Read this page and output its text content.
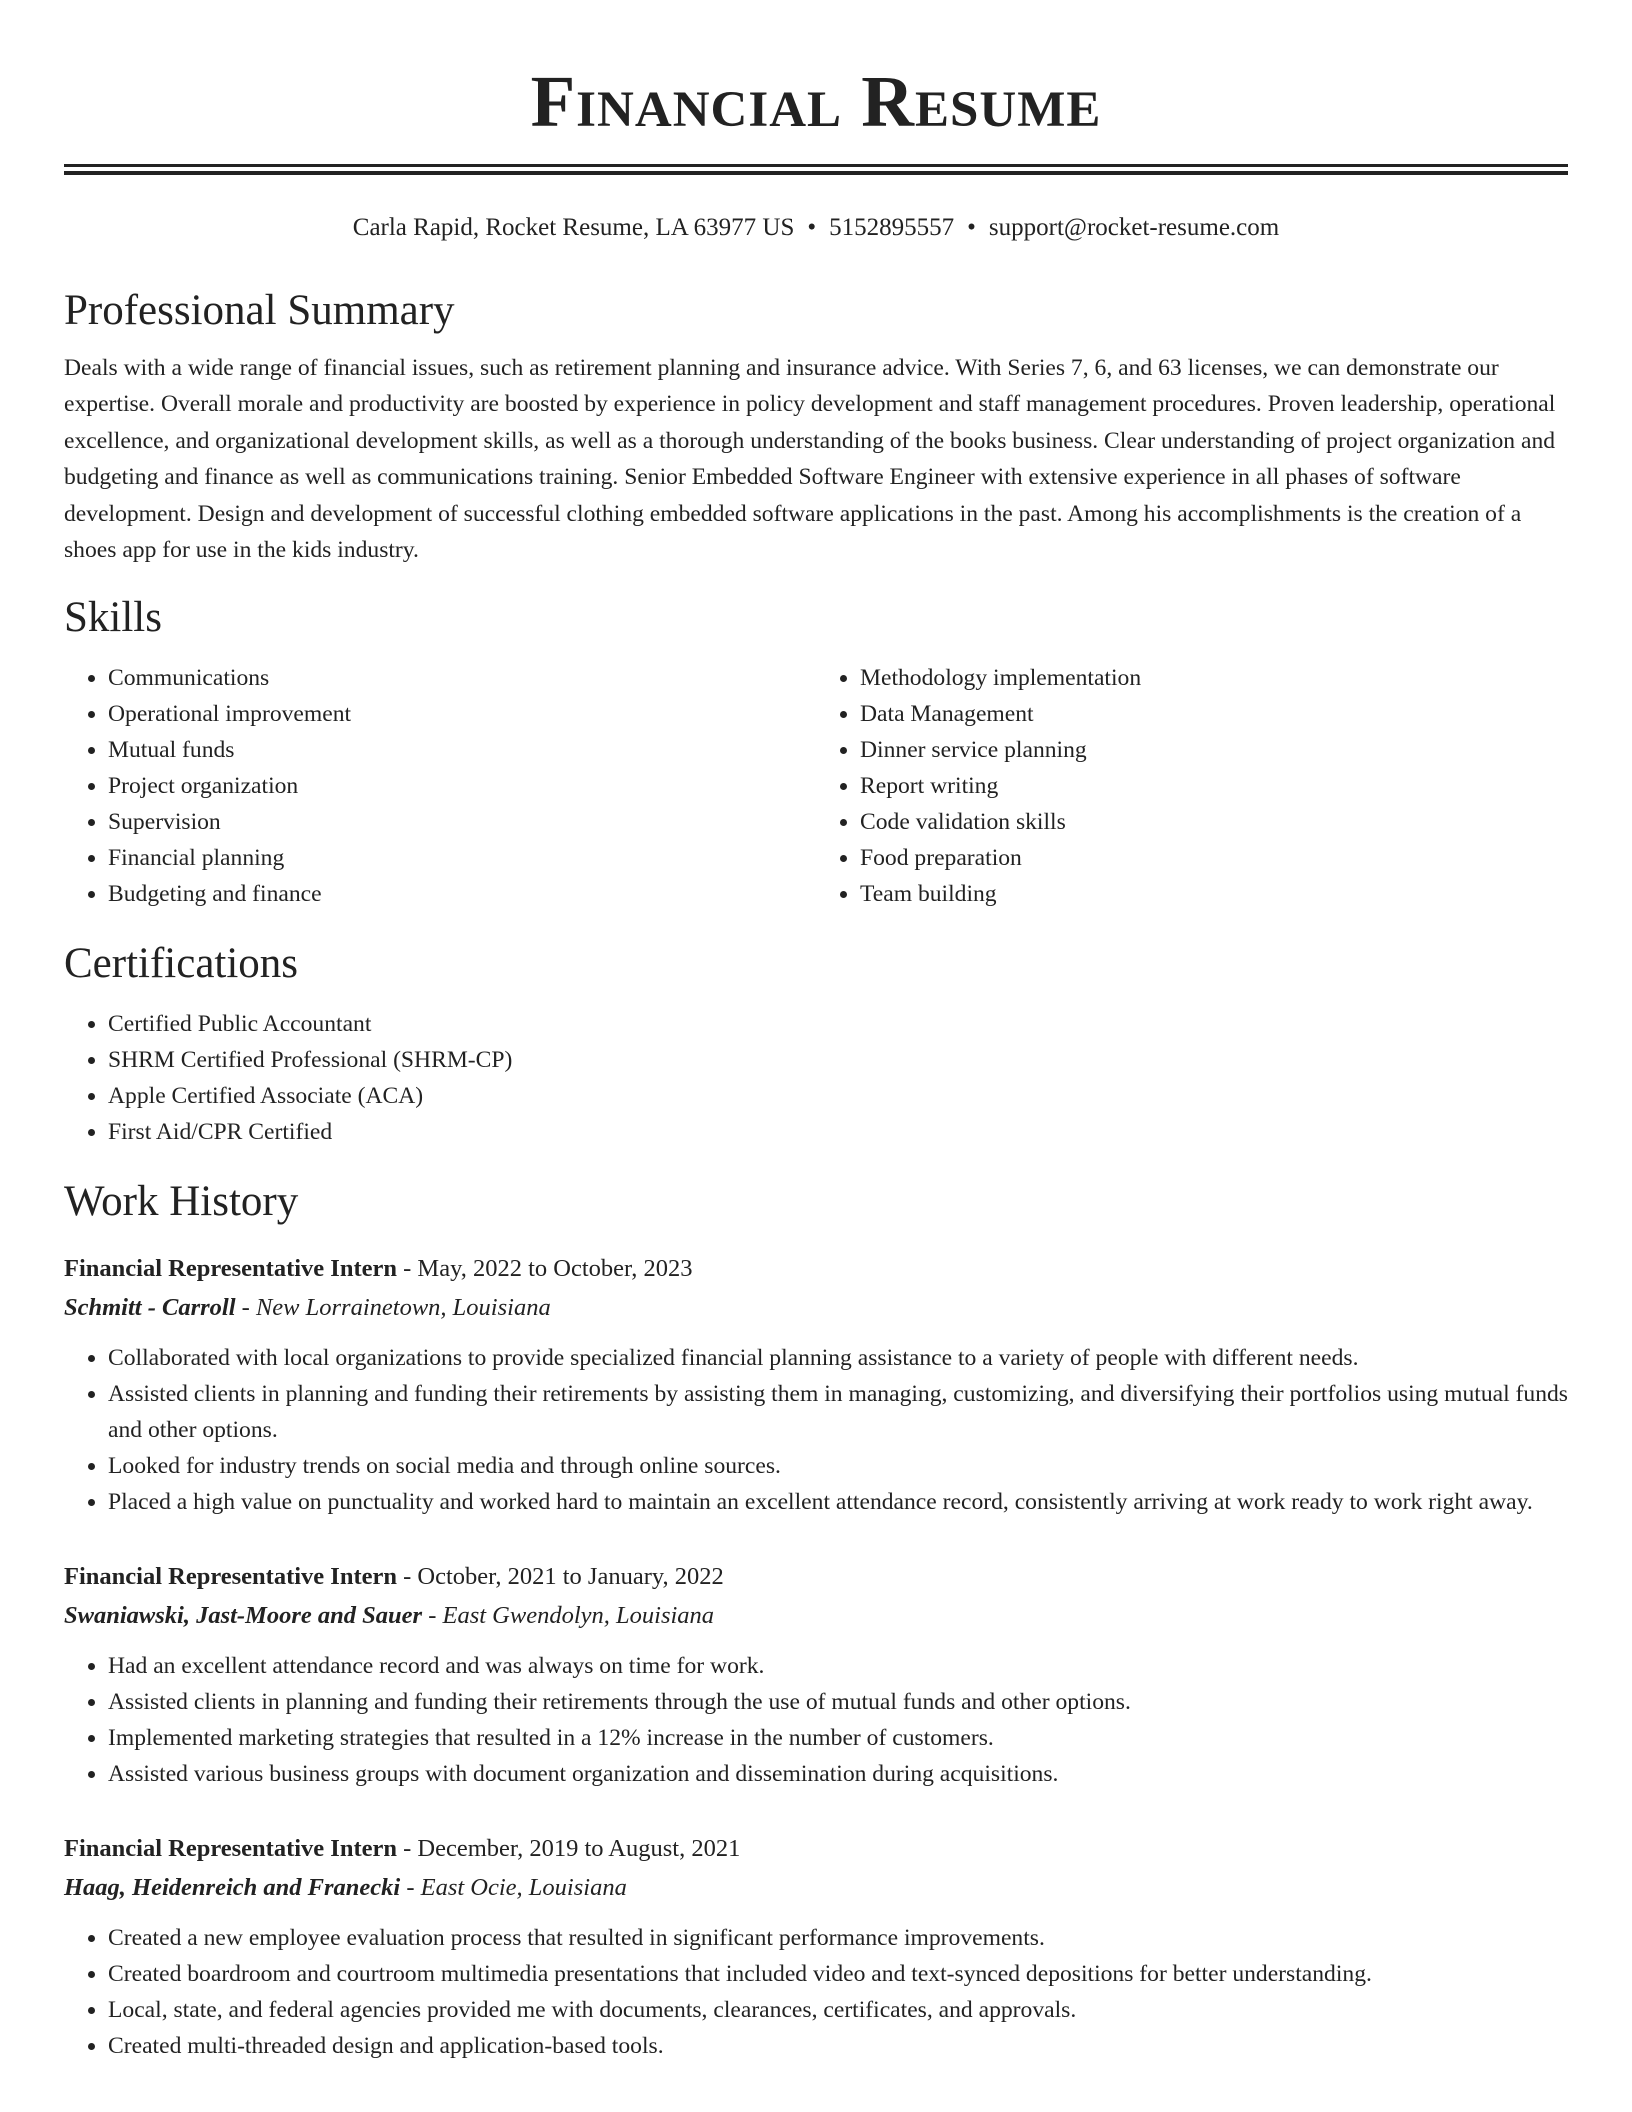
Financial Resume
Carla Rapid, Rocket Resume, LA 63977 US • 5152895557 • support@rocket-resume.com
Professional Summary

Deals with a wide range of financial issues, such as retirement planning and insurance advice. With Series 7, 6, and 63 licenses, we can demonstrate our expertise. Overall morale and productivity are boosted by experience in policy development and staff management procedures. Proven leadership, operational excellence, and organizational development skills, as well as a thorough understanding of the books business. Clear understanding of project organization and budgeting and finance as well as communications training. Senior Embedded Software Engineer with extensive experience in all phases of software development. Design and development of successful clothing embedded software applications in the past. Among his accomplishments is the creation of a shoes app for use in the kids industry.

Skills
• Communications
• Operational improvement
• Mutual funds
• Project organization
• Supervision
• Financial planning
• Budgeting and finance
• Methodology implementation
• Data Management
• Dinner service planning
• Report writing
• Code validation skills
• Food preparation
• Team building
Certifications
• Certified Public Accountant
• SHRM Certified Professional (SHRM-CP)
• Apple Certified Associate (ACA)
• First Aid/CPR Certified
Work History
Financial Representative Intern - May, 2022 to October, 2023
Schmitt - Carroll - New Lorrainetown, Louisiana
• Collaborated with local organizations to provide specialized financial planning assistance to a variety of people with different needs.
• Assisted clients in planning and funding their retirements by assisting them in managing, customizing, and diversifying their portfolios using mutual funds and other options.
• Looked for industry trends on social media and through online sources.
• Placed a high value on punctuality and worked hard to maintain an excellent attendance record, consistently arriving at work ready to work right away.
Financial Representative Intern - October, 2021 to January, 2022
Swaniawski, Jast-Moore and Sauer - East Gwendolyn, Louisiana
• Had an excellent attendance record and was always on time for work.
• Assisted clients in planning and funding their retirements through the use of mutual funds and other options.
• Implemented marketing strategies that resulted in a 12% increase in the number of customers.
• Assisted various business groups with document organization and dissemination during acquisitions.
Financial Representative Intern - December, 2019 to August, 2021
Haag, Heidenreich and Franecki - East Ocie, Louisiana
• Created a new employee evaluation process that resulted in significant performance improvements.
• Created boardroom and courtroom multimedia presentations that included video and text-synced depositions for better understanding.
• Local, state, and federal agencies provided me with documents, clearances, certificates, and approvals.
• Created multi-threaded design and application-based tools.
